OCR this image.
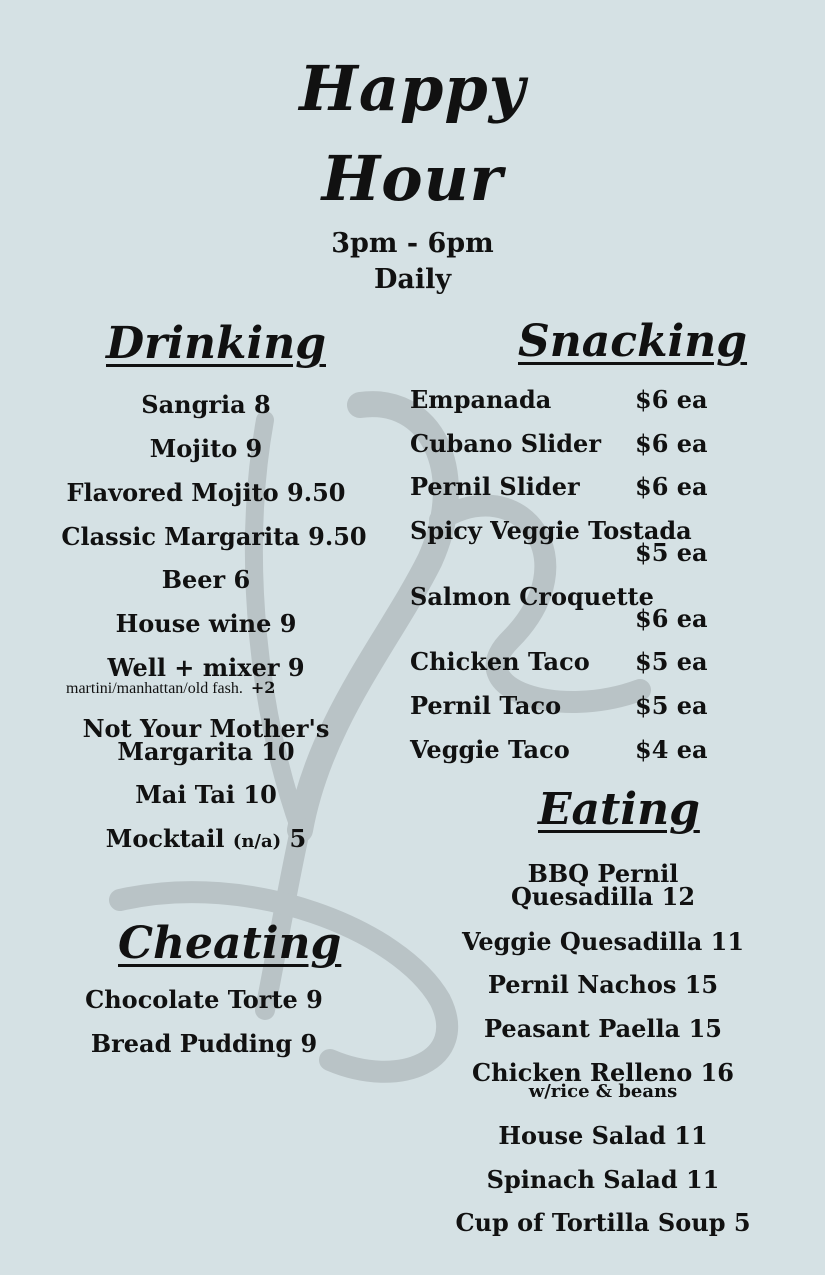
Happy
Hour
3pm - 6pm
Daily
Drinking
Sangria 8
Mojito 9
Flavored Mojito 9.50
Classic Margarita 9.50
Beer 6
House wine 9
Well + mixer 9
martini/manhattan/old fash. +2
Not Your Mother's
Margarita 10
Mai Tai 10
Mocktail (n/a) 5
Cheating
Chocolate Torte 9
Bread Pudding 9
Snacking
Empanada	$6 ea
Cubano Slider $6 ea
Pernil Slider $6 ea
Spicy Veggie Tostada
$5 ea
Salmon Croquette
$6 ea
Chicken Taco $5 ea
Pernil Taco	$5 ea
Veggie Taco	$4 ea
Eating
BBQ Pernil
Quesadilla 12
Veggie Quesadilla 11
Pernil Nachos 15
Peasant Paella 15
Chicken Relleno 16
w/rice & beans
House Salad 11
Spinach Salad 11
Cup of Tortilla Soup 5
